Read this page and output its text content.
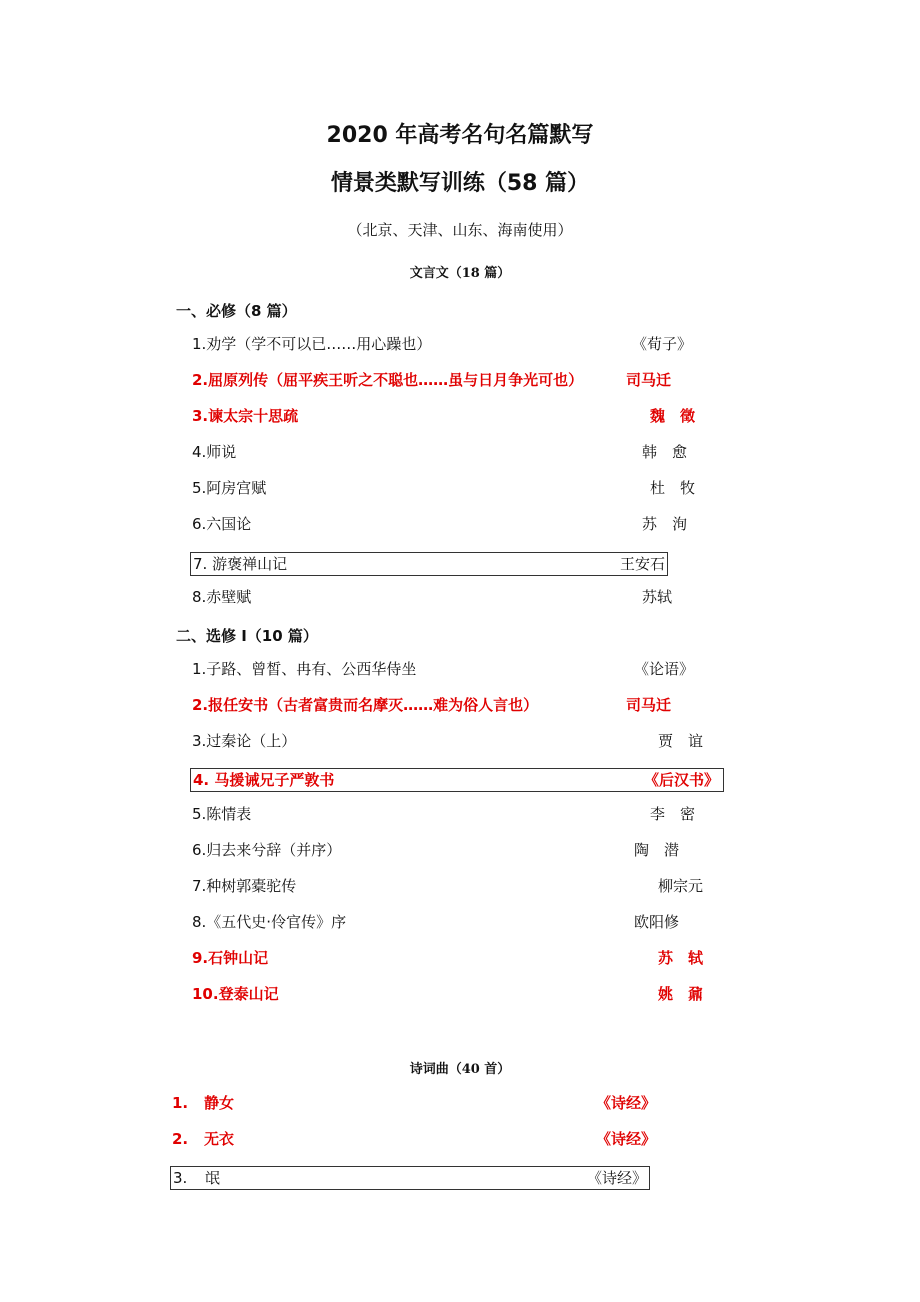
2020 年高考名句名篇默写
情景类默写训练（58 篇）
（北京、天津、山东、海南使用）
文言文（18 篇）
一、必修（8 篇）
1.劝学（学不可以已……用心躁也）	《荀子》
2.屈原列传（屈平疾王听之不聪也……虽与日月争光可也）	司马迁
3.谏太宗十思疏	魏　徵
4.师说	韩　愈
5.阿房宫赋	杜　牧
6.六国论	苏　洵
7. 游褒禅山记	王安石
8.赤壁赋	苏轼
二、选修 I（10 篇）
1.子路、曾皙、冉有、公西华侍坐	《论语》
2.报任安书（古者富贵而名摩灭……难为俗人言也）	司马迁
3.过秦论（上）	贾　谊
4. 马援诫兄子严敦书	《后汉书》
5.陈情表	李　密
6.归去来兮辞（并序）	陶　潜
7.种树郭橐驼传	柳宗元
8.《五代史·伶官传》序	欧阳修
9.石钟山记	苏　轼
10.登泰山记	姚　鼐
诗词曲（40 首）
1. 静女	《诗经》
2. 无衣	《诗经》
3. 氓	《诗经》
